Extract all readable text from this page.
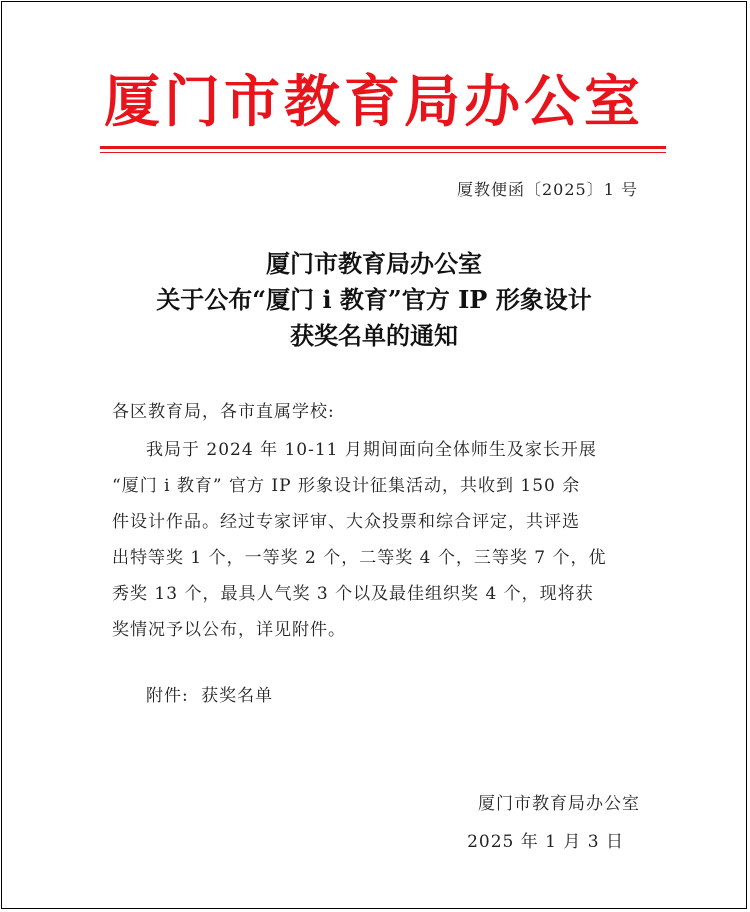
厦门市教育局办公室
厦教便函〔2025〕1 号
厦门市教育局办公室
关于公布“厦门 i 教育”官方 IP 形象设计
获奖名单的通知
各区教育局，各市直属学校:
我局于 2024 年 10-11 月期间面向全体师生及家长开展
“厦门 i 教育” 官方 IP 形象设计征集活动，共收到 150 余
件设计作品。经过专家评审、大众投票和综合评定，共评选
出特等奖 1 个，一等奖 2 个，二等奖 4 个，三等奖 7 个，优
秀奖 13 个，最具人气奖 3 个以及最佳组织奖 4 个，现将获
奖情况予以公布，详见附件。
附件: 获奖名单
厦门市教育局办公室
2025 年 1 月 3 日
